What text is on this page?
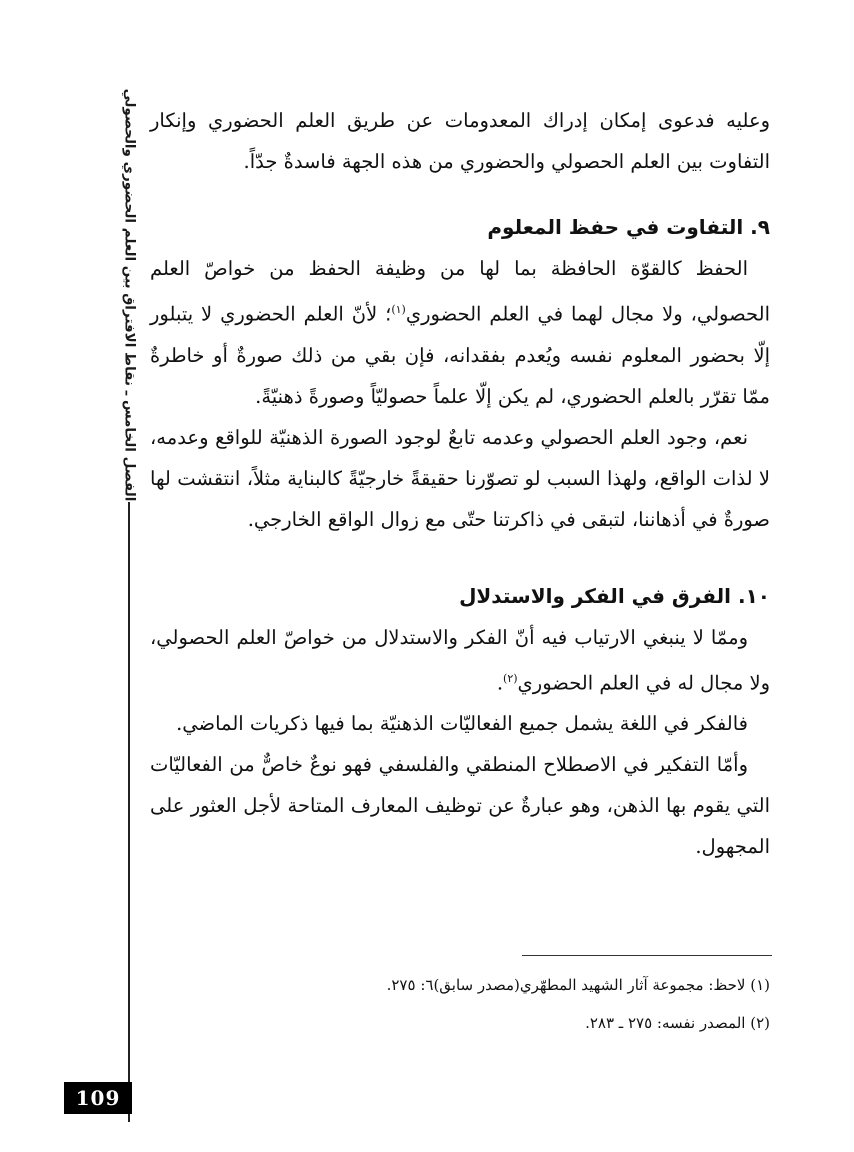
الفصل الخامس ـ نقاط الافتراق بين العلم الحضوري والحصولي
109

وعليه فدعوى إمكان إدراك المعدومات عن طريق العلم الحضوري وإنكار التفاوت بين العلم الحصولي والحضوري من هذه الجهة فاسدةٌ جدّاً.

٩. التفاوت في حفظ المعلوم

الحفظ كالقوّة الحافظة بما لها من وظيفة الحفظ من خواصّ العلم الحصولي، ولا مجال لهما في العلم الحضوري$^{(١)}$؛ لأنّ العلم الحضوري لا يتبلور إلّا بحضور المعلوم نفسه ويُعدم بفقدانه، فإن بقي من ذلك صورةٌ أو خاطرةٌ ممّا تقرّر بالعلم الحضوري، لم يكن إلّا علماً حصوليّاً وصورةً ذهنيّةً.

نعم، وجود العلم الحصولي وعدمه تابعٌ لوجود الصورة الذهنيّة للواقع وعدمه، لا لذات الواقع، ولهذا السبب لو تصوّرنا حقيقةً خارجيّةً كالبناية مثلاً، انتقشت لها صورةٌ في أذهاننا، لتبقى في ذاكرتنا حتّى مع زوال الواقع الخارجي.

١٠. الفرق في الفكر والاستدلال

وممّا لا ينبغي الارتياب فيه أنّ الفكر والاستدلال من خواصّ العلم الحصولي، ولا مجال له في العلم الحضوري$^{(٢)}$.

فالفكر في اللغة يشمل جميع الفعاليّات الذهنيّة بما فيها ذكريات الماضي.

وأمّا التفكير في الاصطلاح المنطقي والفلسفي فهو نوعٌ خاصٌّ من الفعاليّات التي يقوم بها الذهن، وهو عبارةٌ عن توظيف المعارف المتاحة لأجل العثور على المجهول.

(١) لاحظ: مجموعة آثار الشهيد المطهّري(مصدر سابق)٦: ٢٧٥.

(٢) المصدر نفسه: ٢٧٥ ـ ٢٨٣.
